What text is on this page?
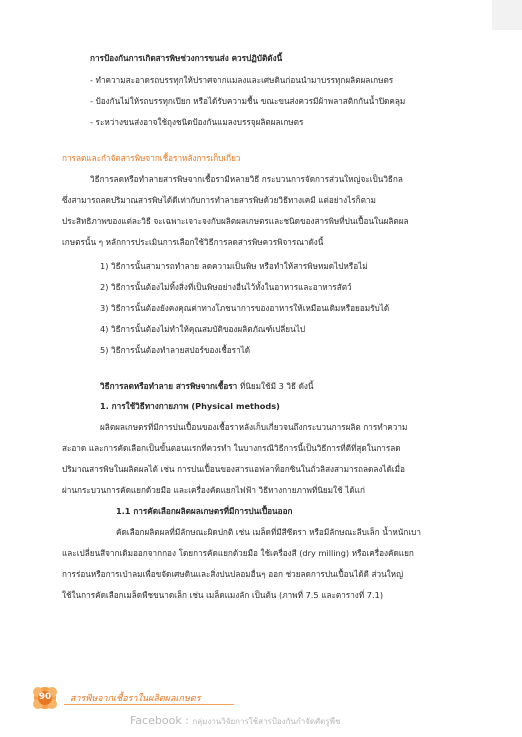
การป้องกันการเกิดสารพิษช่วงการขนส่ง ควรปฏิบัติดังนี้
- ทำความสะอาดรถบรรทุกให้ปราศจากแมลงและเศษดินก่อนนำมาบรรทุกผลิตผลเกษตร
- ป้องกันไม่ให้รถบรรทุกเปียก หรือได้รับความชื้น ขณะขนส่งควรมีผ้าพลาสติกกันน้ำปิดคลุม
- ระหว่างขนส่งอาจใช้ถุงชนิดป้องกันแมลงบรรจุผลิตผลเกษตร
การลดและกำจัดสารพิษจากเชื้อราหลังการเก็บเกี่ยว
วิธีการลดหรือทำลายสารพิษจากเชื้อรามีหลายวิธี กระบวนการจัดการส่วนใหญ่จะเป็นวิธีกล
ซึ่งสามารถลดปริมาณสารพิษได้ดีเท่ากับการทำลายสารพิษด้วยวิธีทางเคมี แต่อย่างไรก็ตาม
ประสิทธิภาพของแต่ละวิธี จะเฉพาะเจาะจงกับผลิตผลเกษตรและชนิดของสารพิษที่ปนเปื้อนในผลิตผล
เกษตรนั้น ๆ หลักการประเมินการเลือกใช้วิธีการลดสารพิษควรพิจารณาดังนี้
1) วิธีการนั้นสามารถทำลาย ลดความเป็นพิษ หรือทำให้สารพิษหมดไปหรือไม่
2) วิธีการนั้นต้องไม่ทิ้งสิ่งที่เป็นพิษอย่างอื่นไว้ทั้งในอาหารและอาหารสัตว์
3) วิธีการนั้นต้องยังคงคุณค่าทางโภชนาการของอาหารให้เหมือนเดิมหรือยอมรับได้
4) วิธีการนั้นต้องไม่ทำให้คุณสมบัติของผลิตภัณฑ์เปลี่ยนไป
5) วิธีการนั้นต้องทำลายสปอร์ของเชื้อราได้
วิธีการลดหรือทำลาย สารพิษจากเชื้อรา ที่นิยมใช้มี 3 วิธี ดังนี้
1. การใช้วิธีทางกายภาพ (Physical methods)
ผลิตผลเกษตรที่มีการปนเปื้อนของเชื้อราหลังเก็บเกี่ยวจนถึงกระบวนการผลิต การทำความ
สะอาด และการคัดเลือกเป็นขั้นตอนแรกที่ควรทำ ในบางกรณีวิธีการนี้เป็นวิธีการที่ดีที่สุดในการลด
ปริมาณสารพิษในผลิตผลได้ เช่น การปนเปื้อนของสารแอฟลาท็อกซินในถั่วลิสงสามารถลดลงได้เมื่อ
ผ่านกระบวนการคัดแยกด้วยมือ และเครื่องคัดแยกไฟฟ้า วิธีทางกายภาพที่นิยมใช้ ได้แก่
1.1 การคัดเลือกผลิตผลเกษตรที่มีการปนเปื้อนออก
คัดเลือกผลิตผลที่มีลักษณะผิดปกติ เช่น เมล็ดที่มีสีซีดรา หรือมีลักษณะลีบเล็ก น้ำหนักเบา
และเปลี่ยนสีจากเดิมออกจากกอง โดยการคัดแยกด้วยมือ ใช้เครื่องสี (dry milling) หรือเครื่องคัดแยก
การร่อนหรือการเป่าลมเพื่อขจัดเศษดินและสิ่งปนปลอมอื่นๆ ออก ช่วยลดการปนเปื้อนได้ดี ส่วนใหญ่
ใช้ในการคัดเลือกเมล็ดพืชขนาดเล็ก เช่น เมล็ดแมงลัก เป็นต้น (ภาพที่ 7.5 และตารางที่ 7.1)
90	สารพิษจากเชื้อราในผลิตผลเกษตร
Facebook : กลุ่มงานวิจัยการใช้สารป้องกันกำจัดศัตรูพืช
